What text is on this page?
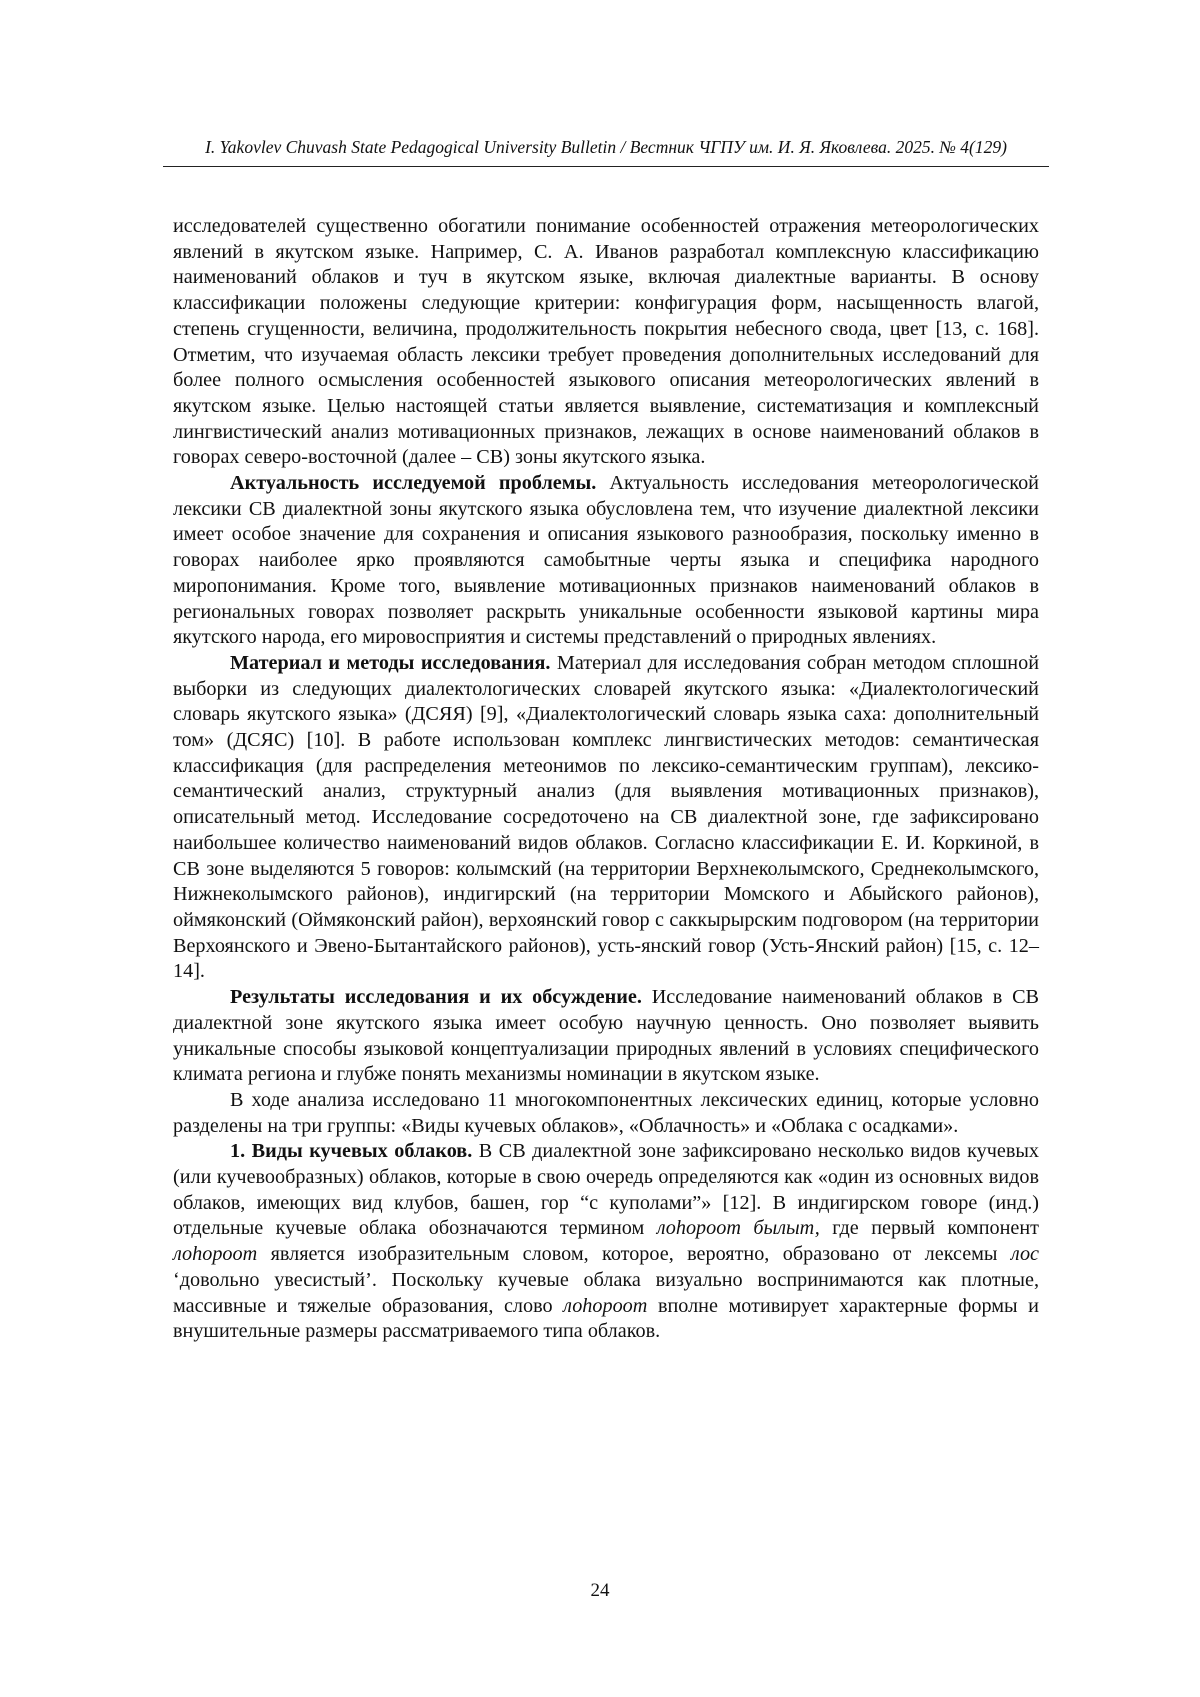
I. Yakovlev Chuvash State Pedagogical University Bulletin / Вестник ЧГПУ им. И. Я. Яковлева. 2025. № 4(129)

исследователей существенно обогатили понимание особенностей отражения метеорологических явлений в якутском языке. Например, С. А. Иванов разработал комплексную классификацию наименований облаков и туч в якутском языке, включая диалектные варианты. В основу классификации положены следующие критерии: конфигурация форм, насыщенность влагой, степень сгущенности, величина, продолжительность покрытия небесного свода, цвет [13, с. 168]. Отметим, что изучаемая область лексики требует проведения дополнительных исследований для более полного осмысления особенностей языкового описания метеорологических явлений в якутском языке. Целью настоящей статьи является выявление, систематизация и комплексный лингвистический анализ мотивационных признаков, лежащих в основе наименований облаков в говорах северо-восточной (далее – СВ) зоны якутского языка.

Актуальность исследуемой проблемы. Актуальность исследования метеорологической лексики СВ диалектной зоны якутского языка обусловлена тем, что изучение диалектной лексики имеет особое значение для сохранения и описания языкового разнообразия, поскольку именно в говорах наиболее ярко проявляются самобытные черты языка и специфика народного миропонимания. Кроме того, выявление мотивационных признаков наименований облаков в региональных говорах позволяет раскрыть уникальные особенности языковой картины мира якутского народа, его мировосприятия и системы представлений о природных явлениях.

Материал и методы исследования. Материал для исследования собран методом сплошной выборки из следующих диалектологических словарей якутского языка: «Диалектологический словарь якутского языка» (ДСЯЯ) [9], «Диалектологический словарь языка саха: дополнительный том» (ДСЯС) [10]. В работе использован комплекс лингвистических методов: семантическая классификация (для распределения метеонимов по лексико-семантическим группам), лексико-семантический анализ, структурный анализ (для выявления мотивационных признаков), описательный метод. Исследование сосредоточено на СВ диалектной зоне, где зафиксировано наибольшее количество наименований видов облаков. Согласно классификации Е. И. Коркиной, в СВ зоне выделяются 5 говоров: колымский (на территории Верхнеколымского, Среднеколымского, Нижнеколымского районов), индигирский (на территории Момского и Абыйского районов), оймяконский (Оймяконский район), верхоянский говор с саккырырским подговором (на территории Верхоянского и Эвено-Бытантайского районов), усть-янский говор (Усть-Янский район) [15, с. 12–14].

Результаты исследования и их обсуждение. Исследование наименований облаков в СВ диалектной зоне якутского языка имеет особую научную ценность. Оно позволяет выявить уникальные способы языковой концептуализации природных явлений в условиях специфического климата региона и глубже понять механизмы номинации в якутском языке.

В ходе анализа исследовано 11 многокомпонентных лексических единиц, которые условно разделены на три группы: «Виды кучевых облаков», «Облачность» и «Облака с осадками».

1. Виды кучевых облаков. В СВ диалектной зоне зафиксировано несколько видов кучевых (или кучевообразных) облаков, которые в свою очередь определяются как «один из основных видов облаков, имеющих вид клубов, башен, гор “с куполами”» [12]. В индигирском говоре (инд.) отдельные кучевые облака обозначаются термином лоhороот былыт, где первый компонент лоhороот является изобразительным словом, которое, вероятно, образовано от лексемы лос ‘довольно увесистый’. Поскольку кучевые облака визуально воспринимаются как плотные, массивные и тяжелые образования, слово лоhороот вполне мотивирует характерные формы и внушительные размеры рассматриваемого типа облаков.

24
